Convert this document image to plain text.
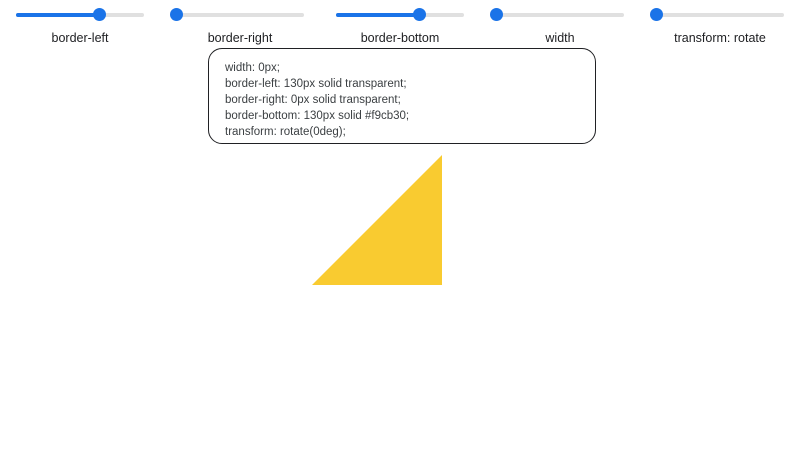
border-left	border-right	border-bottom	width	transform: rotate
width: 0px;
border-left: 130px solid transparent;
border-right: 0px solid transparent;
border-bottom: 130px solid #f9cb30;
transform: rotate(0deg);
